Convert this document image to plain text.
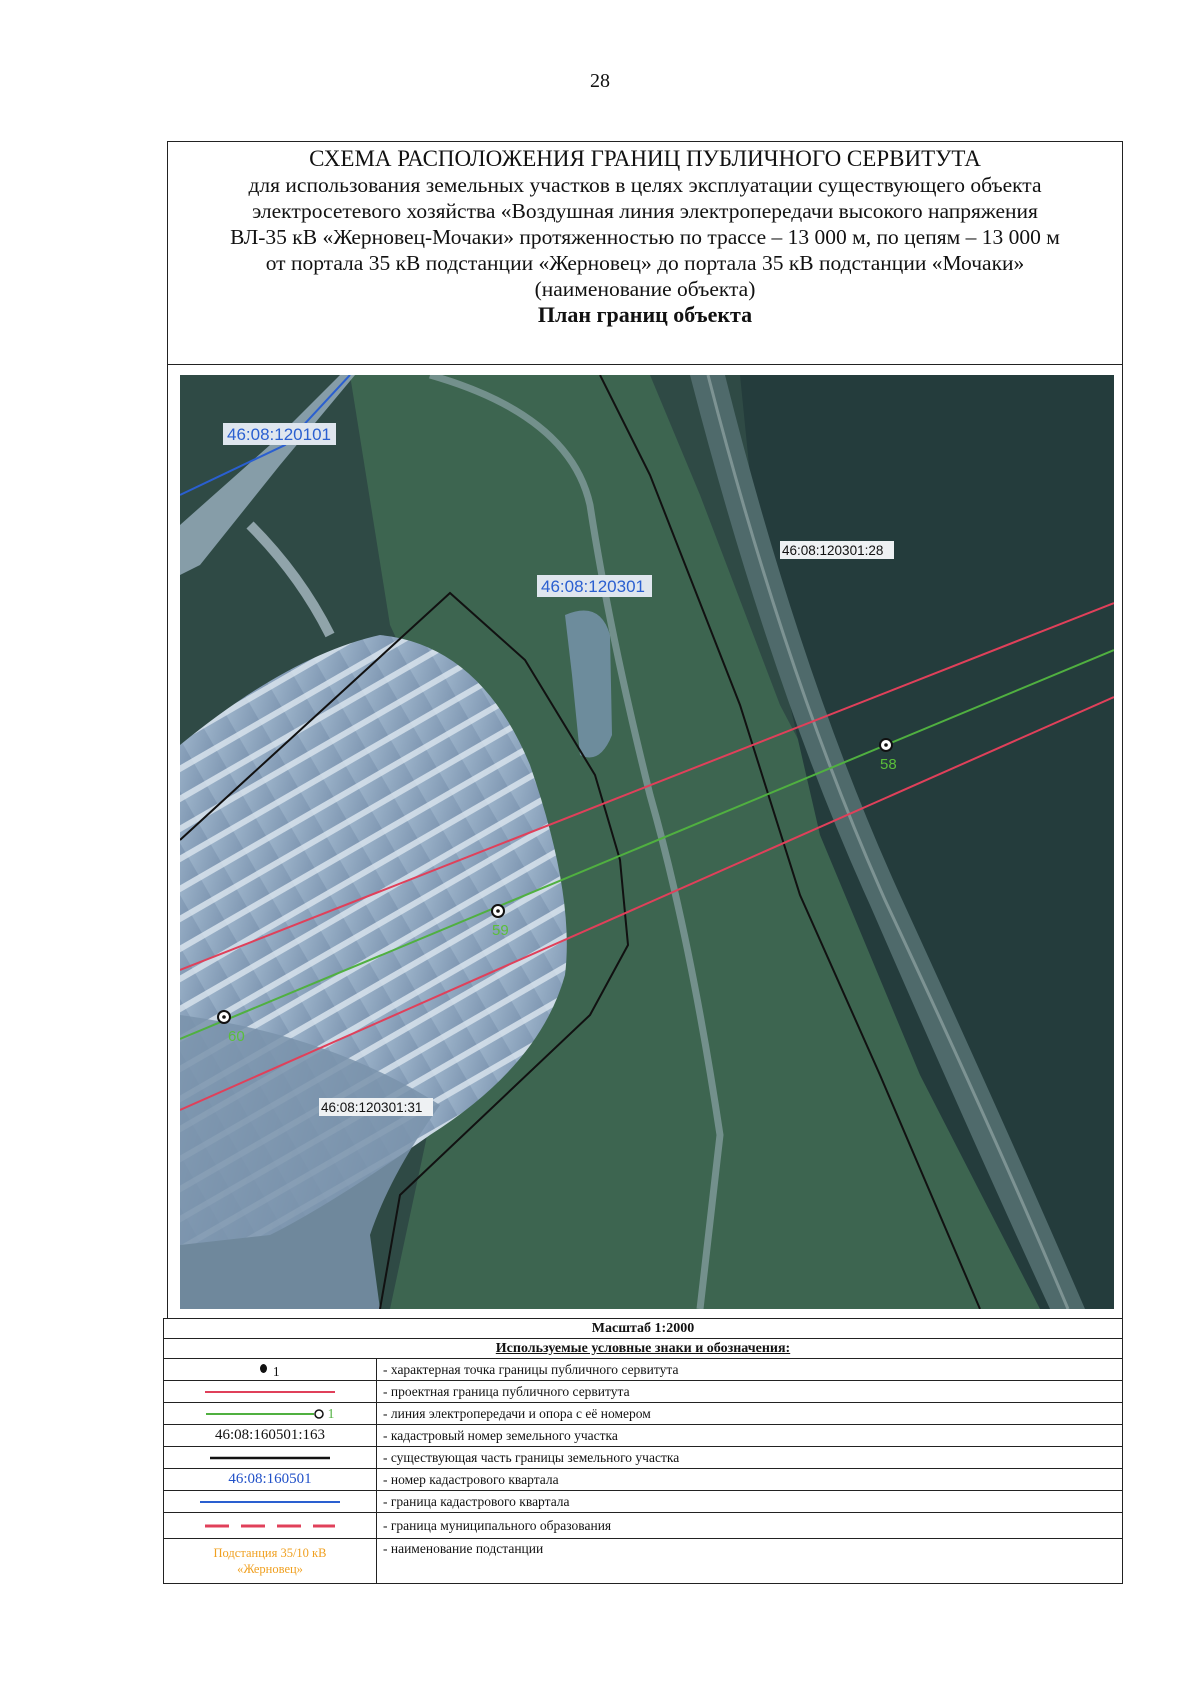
28
СХЕМА РАСПОЛОЖЕНИЯ ГРАНИЦ ПУБЛИЧНОГО СЕРВИТУТА
для использования земельных участков в целях эксплуатации существующего объекта
электросетевого хозяйства «Воздушная линия электропередачи высокого напряжения
ВЛ-35 кВ «Жерновец-Мочаки» протяженностью по трассе – 13 000 м, по цепям – 13 000 м
от портала 35 кВ подстанции «Жерновец» до портала 35 кВ подстанции «Мочаки»
(наименование объекта)
План границ объекта
58
59
60
46:08:120101
46:08:120301
46:08:120301:28
46:08:120301:31
Масштаб 1:2000	
Используемые условные знаки и обозначения:	
1	- характерная точка границы публичного сервитута

	- проектная граница публичного сервитута
1	- линия электропередачи и опора с её номером
46:08:160501:163	- кадастровый номер земельного участка

	- существующая часть границы земельного участка
46:08:160501	- номер кадастрового квартала

	- граница кадастрового квартала

	- граница муниципального образования

Подстанция 35/10 кВ
«Жерновец»	- наименование подстанции
